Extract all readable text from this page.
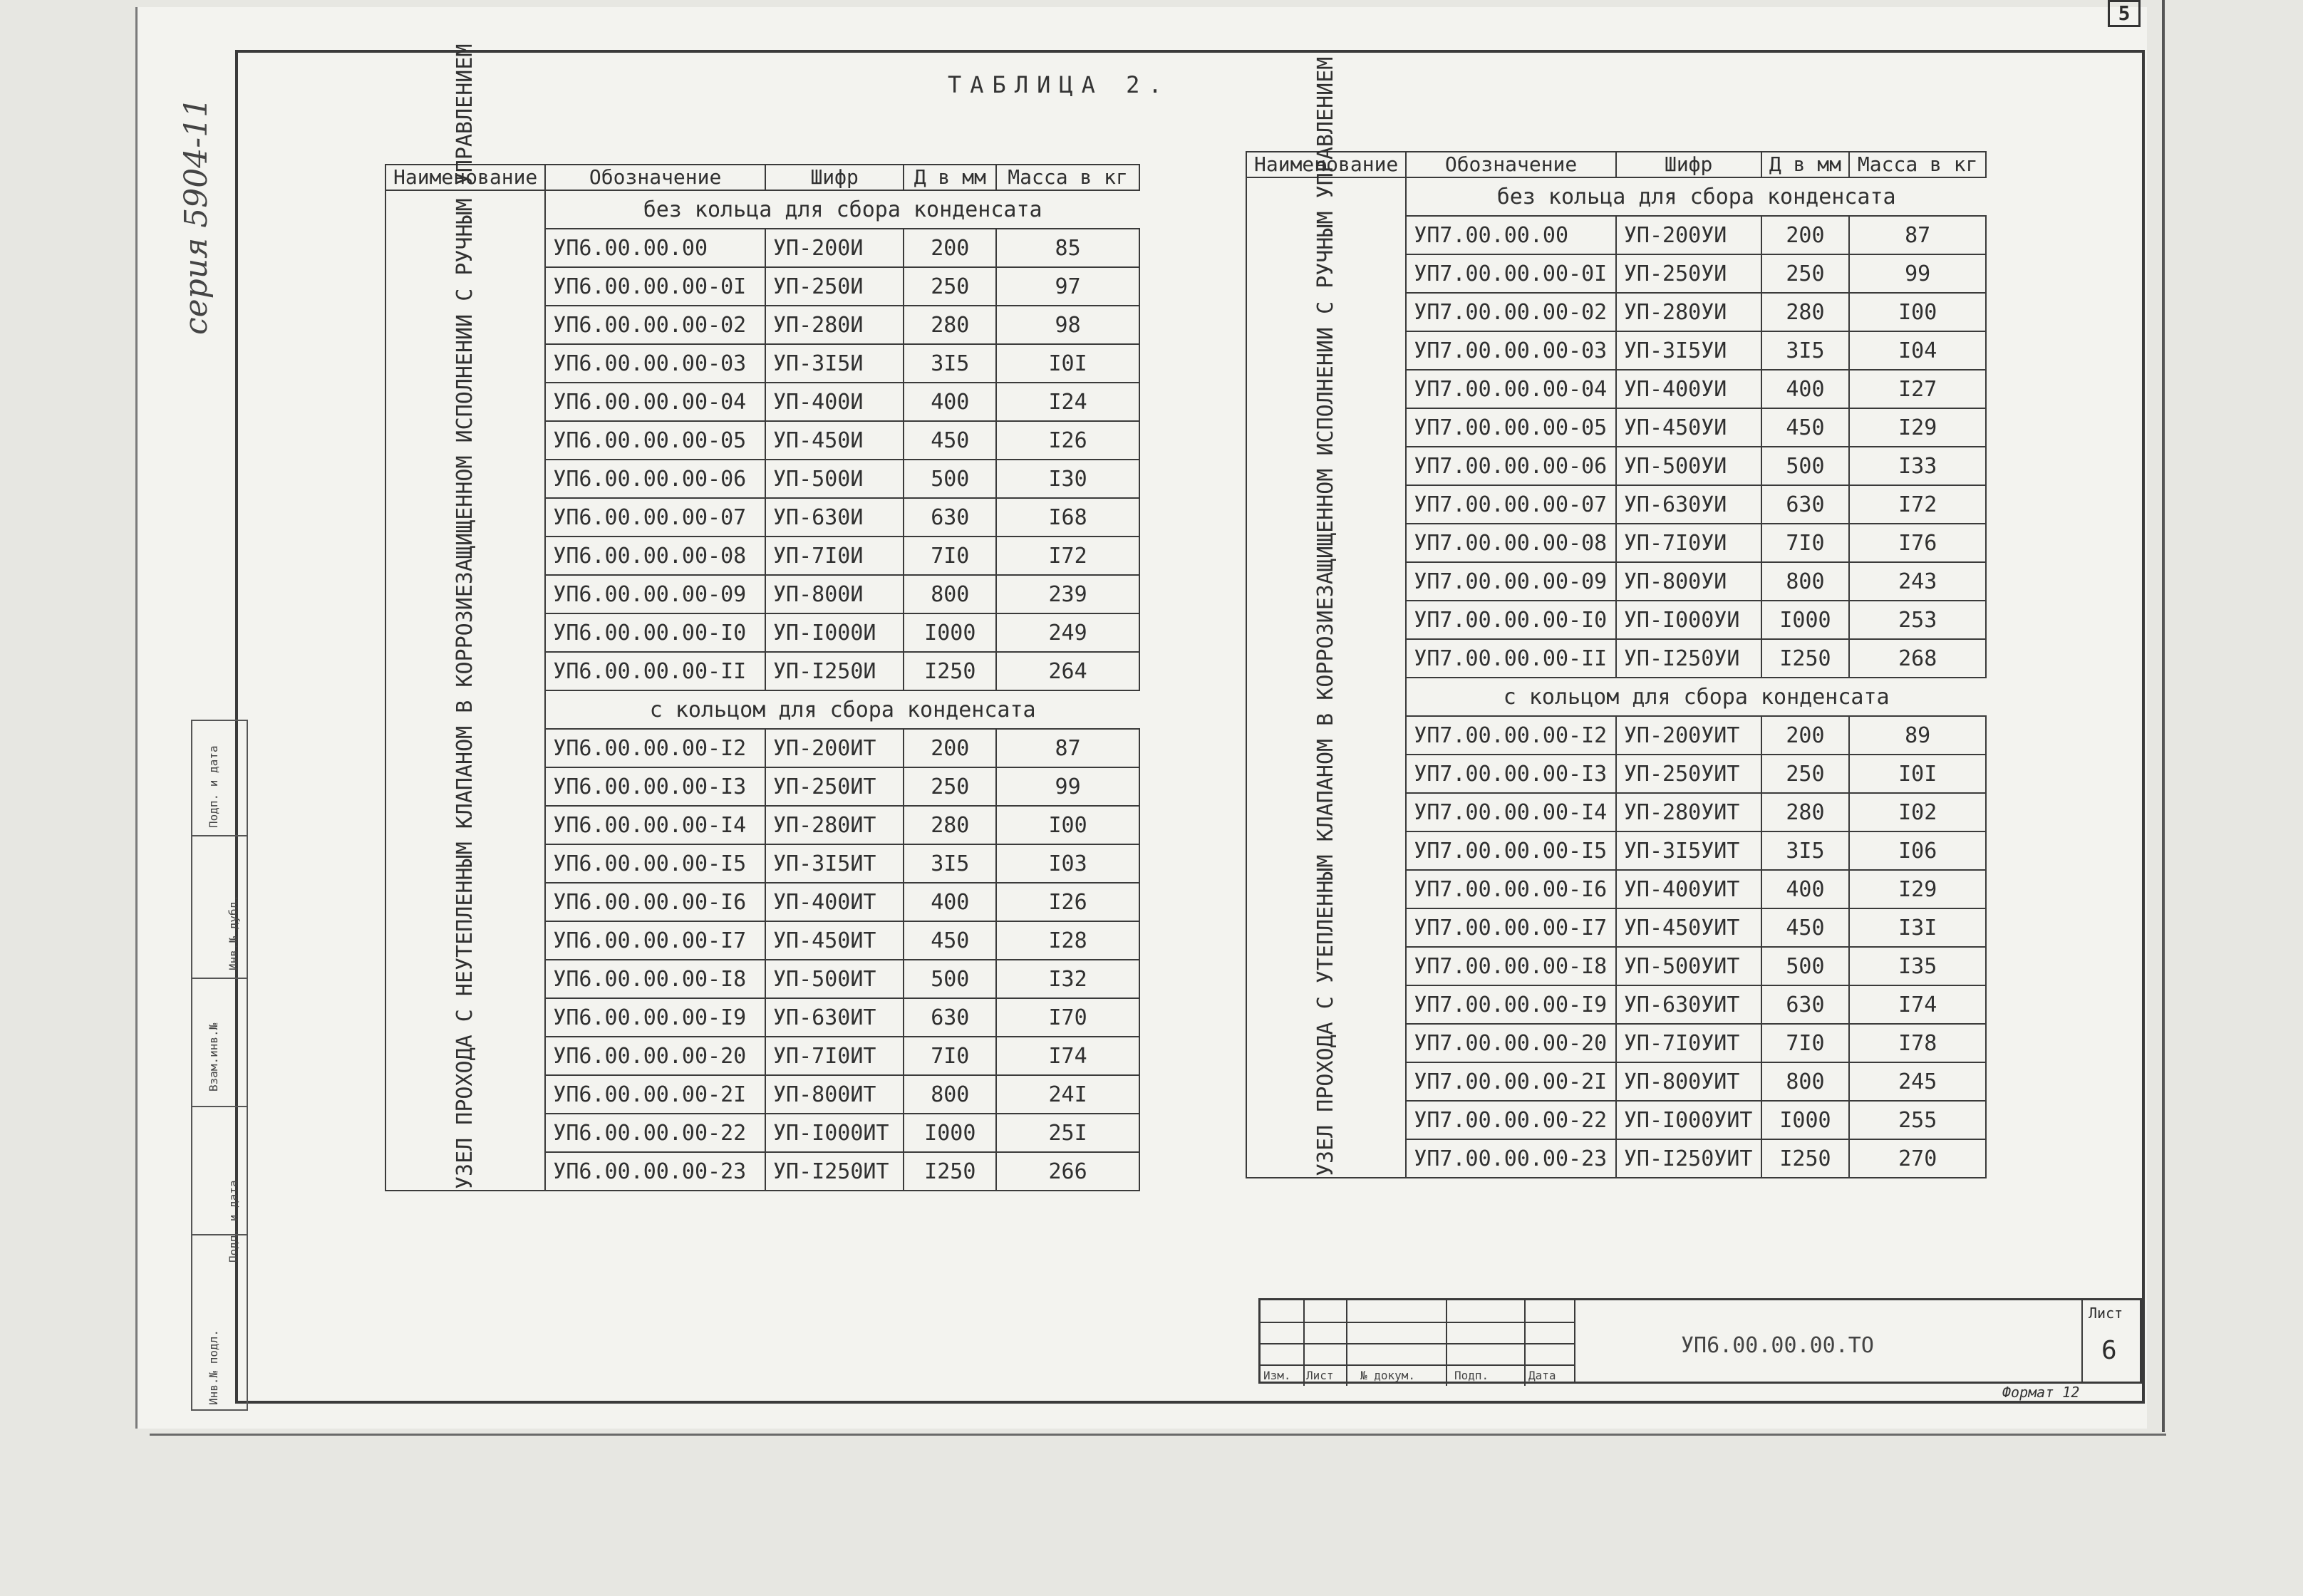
5
серия 5904-11
Инв.№ подл.
Подп. и дата
Взам.инв.№
Инв.№ дубл.
Подп. и дата
ТАБЛИЦА 2.
Наименование	Обозначение	Шифр	Д в мм	Масса в кг

УЗЕЛ ПРОХОДА С НЕУТЕПЛЕННЫМ КЛАПАНОМ В КОРРОЗИЕЗАЩИЩЕННОМ ИСПОЛНЕНИИ С РУЧНЫМ УПРАВЛЕНИЕМ	без кольца для сбора конденсата			
	УП6.00.00.00	УП-200И	200	85
	УП6.00.00.00-0І	УП-250И	250	97
	УП6.00.00.00-02	УП-280И	280	98
	УП6.00.00.00-03	УП-3І5И	3І5	І0І
	УП6.00.00.00-04	УП-400И	400	І24
	УП6.00.00.00-05	УП-450И	450	І26
	УП6.00.00.00-06	УП-500И	500	І30
	УП6.00.00.00-07	УП-630И	630	І68
	УП6.00.00.00-08	УП-7І0И	7І0	І72
	УП6.00.00.00-09	УП-800И	800	239
	УП6.00.00.00-І0	УП-І000И	І000	249
	УП6.00.00.00-ІІ	УП-І250И	І250	264
	с кольцом для сбора конденсата			
	УП6.00.00.00-І2	УП-200ИТ	200	87
	УП6.00.00.00-І3	УП-250ИТ	250	99
	УП6.00.00.00-І4	УП-280ИТ	280	І00
	УП6.00.00.00-І5	УП-3І5ИТ	3І5	І03
	УП6.00.00.00-І6	УП-400ИТ	400	І26
	УП6.00.00.00-І7	УП-450ИТ	450	І28
	УП6.00.00.00-І8	УП-500ИТ	500	І32
	УП6.00.00.00-І9	УП-630ИТ	630	І70
	УП6.00.00.00-20	УП-7І0ИТ	7І0	І74
	УП6.00.00.00-2І	УП-800ИТ	800	24І
	УП6.00.00.00-22	УП-І000ИТ	І000	25І
	УП6.00.00.00-23	УП-І250ИТ	І250	266
Наименование	Обозначение	Шифр	Д в мм	Масса в кг

УЗЕЛ ПРОХОДА С УТЕПЛЕННЫМ КЛАПАНОМ В КОРРОЗИЕЗАЩИЩЕННОМ ИСПОЛНЕНИИ С РУЧНЫМ УПРАВЛЕНИЕМ	без кольца для сбора конденсата			
	УП7.00.00.00	УП-200УИ	200	87
	УП7.00.00.00-0І	УП-250УИ	250	99
	УП7.00.00.00-02	УП-280УИ	280	І00
	УП7.00.00.00-03	УП-3І5УИ	3І5	І04
	УП7.00.00.00-04	УП-400УИ	400	І27
	УП7.00.00.00-05	УП-450УИ	450	І29
	УП7.00.00.00-06	УП-500УИ	500	І33
	УП7.00.00.00-07	УП-630УИ	630	І72
	УП7.00.00.00-08	УП-7І0УИ	7І0	І76
	УП7.00.00.00-09	УП-800УИ	800	243
	УП7.00.00.00-І0	УП-І000УИ	І000	253
	УП7.00.00.00-ІІ	УП-І250УИ	І250	268
	с кольцом для сбора конденсата			
	УП7.00.00.00-І2	УП-200УИТ	200	89
	УП7.00.00.00-І3	УП-250УИТ	250	І0І
	УП7.00.00.00-І4	УП-280УИТ	280	І02
	УП7.00.00.00-І5	УП-3І5УИТ	3І5	І06
	УП7.00.00.00-І6	УП-400УИТ	400	І29
	УП7.00.00.00-І7	УП-450УИТ	450	І3І
	УП7.00.00.00-І8	УП-500УИТ	500	І35
	УП7.00.00.00-І9	УП-630УИТ	630	І74
	УП7.00.00.00-20	УП-7І0УИТ	7І0	І78
	УП7.00.00.00-2І	УП-800УИТ	800	245
	УП7.00.00.00-22	УП-І000УИТ	І000	255
	УП7.00.00.00-23	УП-І250УИТ	І250	270
Изм. Лист № докум.	Подп.	Дата
УП6.00.00.00.ТО
Лист
6
Формат 12
